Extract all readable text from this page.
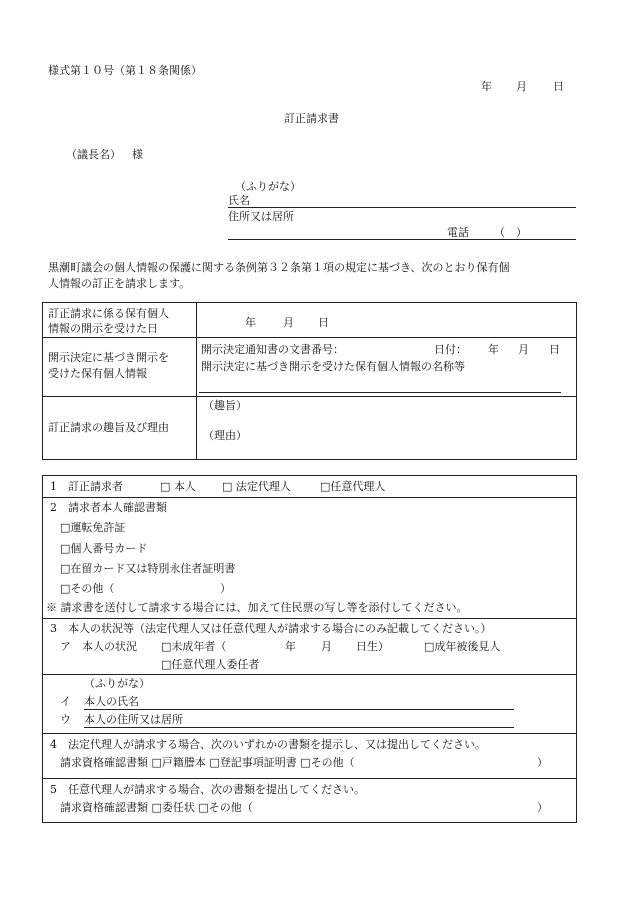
様式第１０号（第１８条関係）
年 月 日
訂正請求書
（議長名） 様
（ふりがな）
氏名
住所又は居所
電話 （　）
黒潮町議会の個人情報の保護に関する条例第３２条第１項の規定に基づき、次のとおり保有個
人情報の訂正を請求します。
訂正請求に係る保有個人
情報の開示を受けた日	年 月 日
開示決定に基づき開示を
受けた保有個人情報
開示決定通知書の文書番号：	日付： 年 月 日
開示決定に基づき開示を受けた保有個人情報の名称等
訂正請求の趣旨及び理由
（趣旨）
（理由）
1　訂正請求者	□ 本人 □ 法定代理人	□任意代理人
2　請求者本人確認書類
□運転免許証
□個人番号カード
□在留カード又は特別永住者証明書
□その他（	）
※ 請求書を送付して請求する場合には、加えて住民票の写し等を添付してください。
3　本人の状況等（法定代理人又は任意代理人が請求する場合にのみ記載してください。）
ア　本人の状況 □未成年者（	年 月 日生）	□成年被後見人
□任意代理人委任者
（ふりがな）
イ 本人の氏名
ウ 本人の住所又は居所
4　法定代理人が請求する場合、次のいずれかの書類を提示し、又は提出してください。
請求資格確認書類 □戸籍謄本 □登記事項証明書 □その他（	）
5　任意代理人が請求する場合、次の書類を提出してください。
請求資格確認書類 □委任状 □その他（	）
